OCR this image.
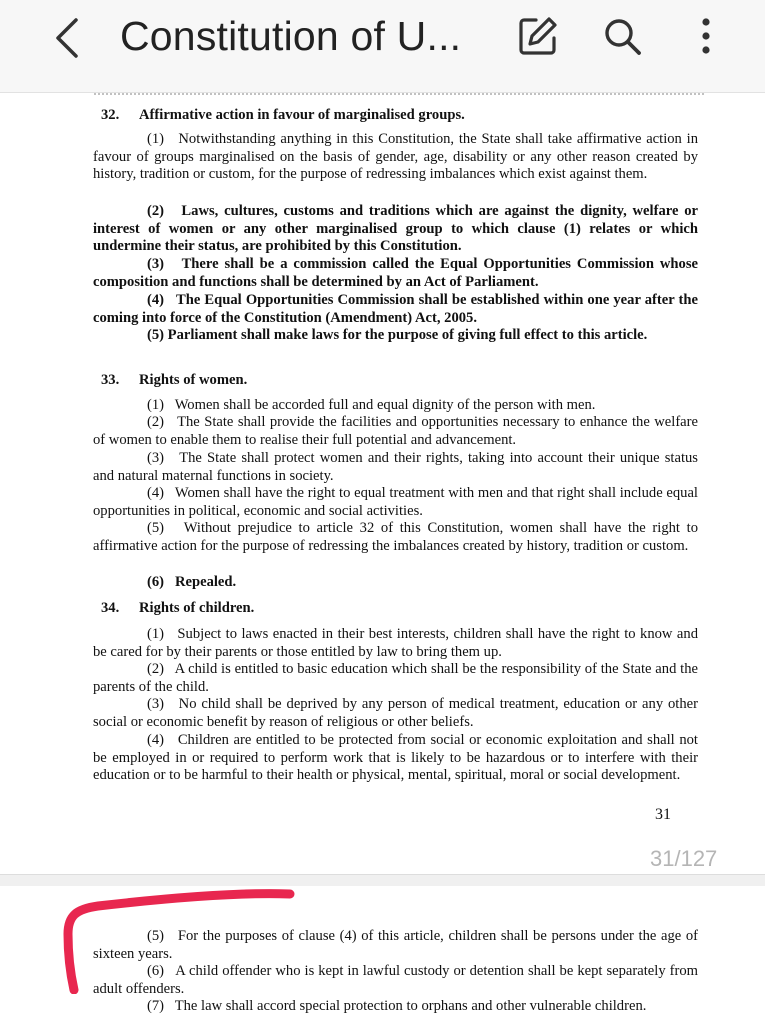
Constitution of U...
32. Affirmative action in favour of marginalised groups.
(1)   Notwithstanding anything in this Constitution, the State shall take affirmative action in favour of groups marginalised on the basis of gender, age, disability or any other reason created by history, tradition or custom, for the purpose of redressing imbalances which exist against them.
(2)   Laws, cultures, customs and traditions which are against the dignity, welfare or interest of women or any other marginalised group to which clause (1) relates or which undermine their status, are prohibited by this Constitution.
(3)   There shall be a commission called the Equal Opportunities Commission whose composition and functions shall be determined by an Act of Parliament.
(4)   The Equal Opportunities Commission shall be established within one year after the coming into force of the Constitution (Amendment) Act, 2005.
(5) Parliament shall make laws for the purpose of giving full effect to this article.
33. Rights of women.
(1)   Women shall be accorded full and equal dignity of the person with men.
(2)   The State shall provide the facilities and opportunities necessary to enhance the welfare of women to enable them to realise their full potential and advancement.
(3)   The State shall protect women and their rights, taking into account their unique status and natural maternal functions in society.
(4)   Women shall have the right to equal treatment with men and that right shall include equal opportunities in political, economic and social activities.
(5)   Without prejudice to article 32 of this Constitution, women shall have the right to affirmative action for the purpose of redressing the imbalances created by history, tradition or custom.
(6)   Repealed.
34. Rights of children.
(1)   Subject to laws enacted in their best interests, children shall have the right to know and be cared for by their parents or those entitled by law to bring them up.
(2)   A child is entitled to basic education which shall be the responsibility of the State and the parents of the child.
(3)   No child shall be deprived by any person of medical treatment, education or any other social or economic benefit by reason of religious or other beliefs.
(4)   Children are entitled to be protected from social or economic exploitation and shall not be employed in or required to perform work that is likely to be hazardous or to interfere with their education or to be harmful to their health or physical, mental, spiritual, moral or social development.
31
31/127
(5)   For the purposes of clause (4) of this article, children shall be persons under the age of sixteen years.
(6)   A child offender who is kept in lawful custody or detention shall be kept separately from adult offenders.
(7)   The law shall accord special protection to orphans and other vulnerable children.
